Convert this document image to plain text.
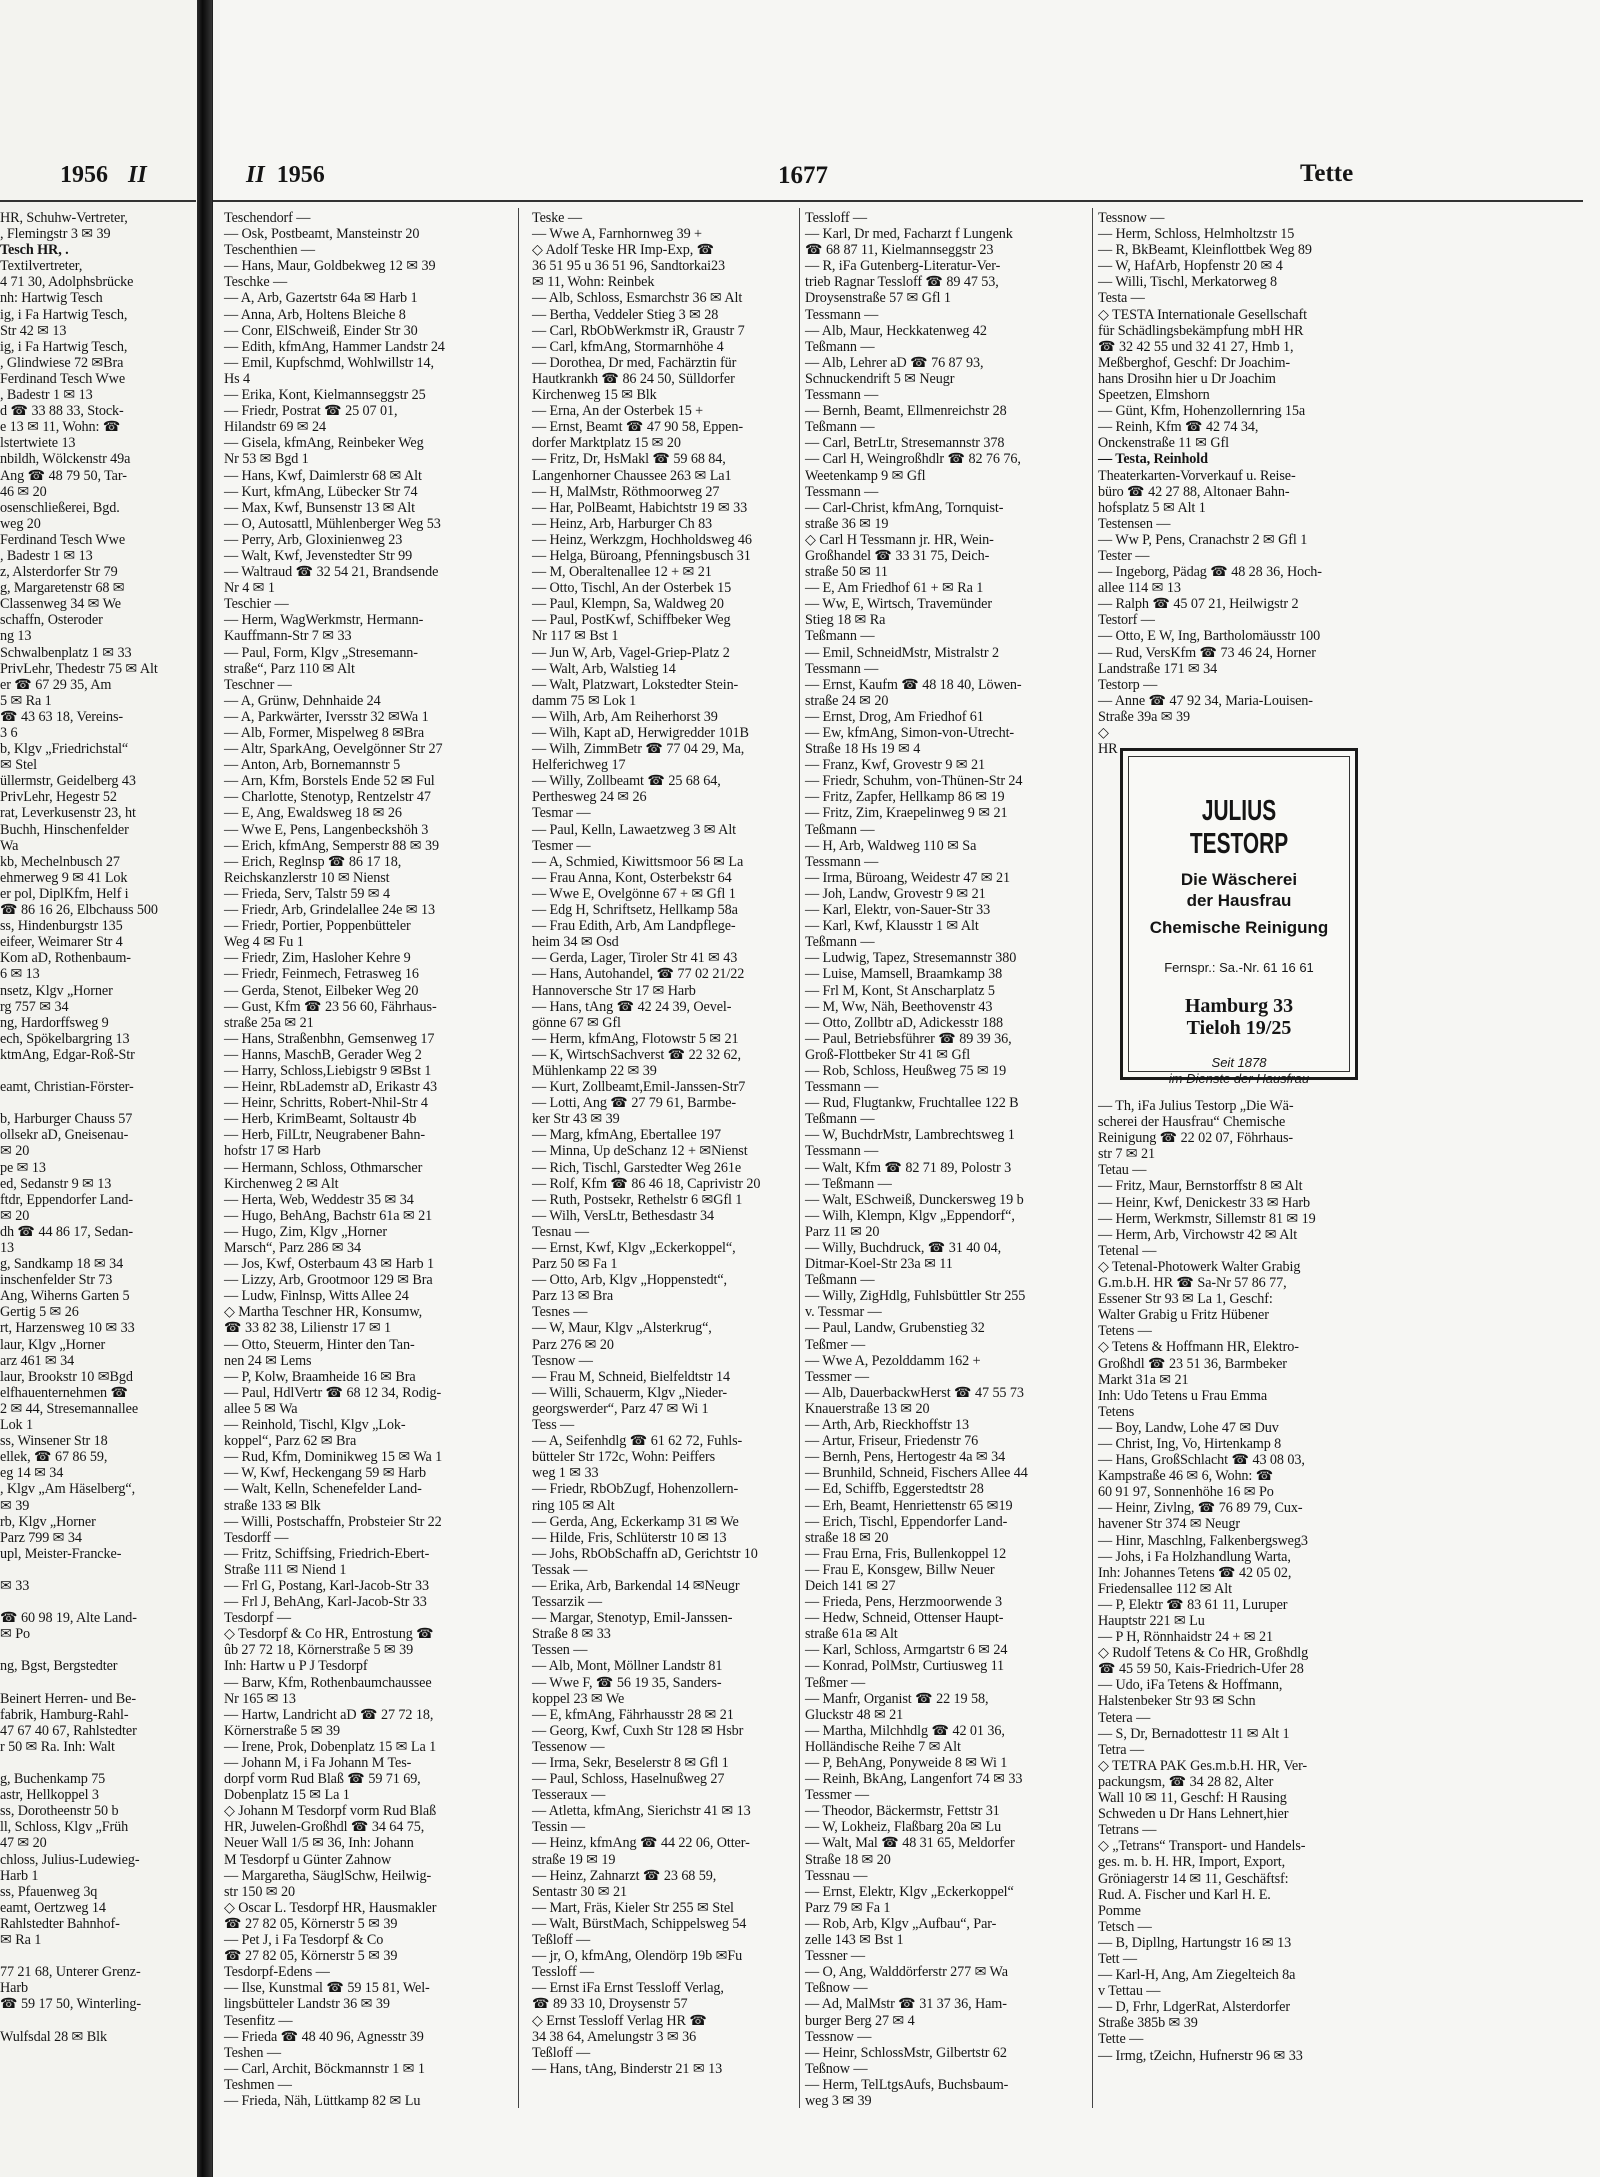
1956 II
HR, Schuhw-Vertreter,
, Flemingstr 3 ✉ 39
Tesch HR, .
Textilvertreter,
4 71 30, Adolphsbrücke
nh: Hartwig Tesch
ig, i Fa Hartwig Tesch,
Str 42 ✉ 13
ig, i Fa Hartwig Tesch,
, Glindwiese 72 ✉Bra
Ferdinand Tesch Wwe
, Badestr 1 ✉ 13
d ☎ 33 88 33, Stock-
e 13 ✉ 11, Wohn: ☎
lstertwiete 13
nbildh, Wölckenstr 49a
Ang ☎ 48 79 50, Tar-
46 ✉ 20
osenschließerei, Bgd.
weg 20
Ferdinand Tesch Wwe
, Badestr 1 ✉ 13
z, Alsterdorfer Str 79
g, Margaretenstr 68 ✉
Classenweg 34 ✉ We
schaffn, Osteroder
ng 13
Schwalbenplatz 1 ✉ 33
PrivLehr, Thedestr 75 ✉ Alt
er ☎ 67 29 35, Am
5 ✉ Ra 1
☎ 43 63 18, Vereins-
3 6
b, Klgv „Friedrichstal“
✉ Stel
üllermstr, Geidelberg 43
PrivLehr, Hegestr 52
rat, Leverkusenstr 23, ht
Buchh, Hinschenfelder
Wa
kb, Mechelnbusch 27
ehmerweg 9 ✉ 41 Lok
er pol, DiplKfm, Helf i
☎ 86 16 26, Elbchauss 500
ss, Hindenburgstr 135
eifeer, Weimarer Str 4
Kom aD, Rothenbaum-
6 ✉ 13
nsetz, Klgv „Horner
rg 757 ✉ 34
ng, Hardorffsweg 9
ech, Spökelbargring 13
ktmAng, Edgar-Roß-Str

eamt, Christian-Förster-

b, Harburger Chauss 57
ollsekr aD, Gneisenau-
✉ 20
pe ✉ 13
ed, Sedanstr 9 ✉ 13
ftdr, Eppendorfer Land-
✉ 20
dh ☎ 44 86 17, Sedan-
13
g, Sandkamp 18 ✉ 34
inschenfelder Str 73
Ang, Wiherns Garten 5
Gertig 5 ✉ 26
rt, Harzensweg 10 ✉ 33
laur, Klgv „Horner
arz 461 ✉ 34
laur, Brookstr 10 ✉Bgd
elfhauenternehmen ☎
2 ✉ 44, Stresemannallee
Lok 1
ss, Winsener Str 18
ellek, ☎ 67 86 59,
eg 14 ✉ 34
, Klgv „Am Häselberg“,
✉ 39
rb, Klgv „Horner
Parz 799 ✉ 34
upl, Meister-Francke-

✉ 33

☎ 60 98 19, Alte Land-
✉ Po

ng, Bgst, Bergstedter

Beinert Herren- und Be-
fabrik, Hamburg-Rahl-
47 67 40 67, Rahlstedter
r 50 ✉ Ra. Inh: Walt

g, Buchenkamp 75
astr, Hellkoppel 3
ss, Dorotheenstr 50 b
ll, Schloss, Klgv „Früh
47 ✉ 20
chloss, Julius-Ludewieg-
Harb 1
ss, Pfauenweg 3q
eamt, Oertzweg 14
Rahlstedter Bahnhof-
✉ Ra 1

77 21 68, Unterer Grenz-
Harb
☎ 59 17 50, Winterling-

Wulfsdal 28 ✉ Blk
II 1956	1677	Tette
Teschendorf —
— Osk, Postbeamt, Mansteinstr 20
Teschenthien —
— Hans, Maur, Goldbekweg 12 ✉ 39
Teschke —
— A, Arb, Gazertstr 64a ✉ Harb 1
— Anna, Arb, Holtens Bleiche 8
— Conr, ElSchweiß, Einder Str 30
— Edith, kfmAng, Hammer Landstr 24
— Emil, Kupfschmd, Wohlwillstr 14,
Hs 4
— Erika, Kont, Kielmannseggstr 25
— Friedr, Postrat ☎ 25 07 01,
Hilandstr 69 ✉ 24
— Gisela, kfmAng, Reinbeker Weg
Nr 53 ✉ Bgd 1
— Hans, Kwf, Daimlerstr 68 ✉ Alt
— Kurt, kfmAng, Lübecker Str 74
— Max, Kwf, Bunsenstr 13 ✉ Alt
— O, Autosattl, Mühlenberger Weg 53
— Perry, Arb, Gloxinienweg 23
— Walt, Kwf, Jevenstedter Str 99
— Waltraud ☎ 32 54 21, Brandsende
Nr 4 ✉ 1
Teschier —
— Herm, WagWerkmstr, Hermann-
Kauffmann-Str 7 ✉ 33
— Paul, Form, Klgv „Stresemann-
straße“, Parz 110 ✉ Alt
Teschner —
— A, Grünw, Dehnhaide 24
— A, Parkwärter, Iversstr 32 ✉Wa 1
— Alb, Former, Mispelweg 8 ✉Bra
— Altr, SparkAng, Oevelgönner Str 27
— Anton, Arb, Bornemannstr 5
— Arn, Kfm, Borstels Ende 52 ✉ Ful
— Charlotte, Stenotyp, Rentzelstr 47
— E, Ang, Ewaldsweg 18 ✉ 26
— Wwe E, Pens, Langenbeckshöh 3
— Erich, kfmAng, Semperstr 88 ✉ 39
— Erich, Reglnsp ☎ 86 17 18,
Reichskanzlerstr 10 ✉ Nienst
— Frieda, Serv, Talstr 59 ✉ 4
— Friedr, Arb, Grindelallee 24e ✉ 13
— Friedr, Portier, Poppenbütteler
Weg 4 ✉ Fu 1
— Friedr, Zim, Hasloher Kehre 9
— Friedr, Feinmech, Fetrasweg 16
— Gerda, Stenot, Eilbeker Weg 20
— Gust, Kfm ☎ 23 56 60, Fährhaus-
straße 25a ✉ 21
— Hans, Straßenbhn, Gemsenweg 17
— Hanns, MaschB, Gerader Weg 2
— Harry, Schloss,Liebigstr 9 ✉Bst 1
— Heinr, RbLademstr aD, Erikastr 43
— Heinr, Schritts, Robert-Nhil-Str 4
— Herb, KrimBeamt, Soltaustr 4b
— Herb, FilLtr, Neugrabener Bahn-
hofstr 17 ✉ Harb
— Hermann, Schloss, Othmarscher
Kirchenweg 2 ✉ Alt
— Herta, Web, Weddestr 35 ✉ 34
— Hugo, BehAng, Bachstr 61a ✉ 21
— Hugo, Zim, Klgv „Horner
Marsch“, Parz 286 ✉ 34
— Jos, Kwf, Osterbaum 43 ✉ Harb 1
— Lizzy, Arb, Grootmoor 129 ✉ Bra
— Ludw, Finlnsp, Witts Allee 24
◇ Martha Teschner HR, Konsumw,
☎ 33 82 38, Lilienstr 17 ✉ 1
— Otto, Steuerm, Hinter den Tan-
nen 24 ✉ Lems
— P, Kolw, Braamheide 16 ✉ Bra
— Paul, HdlVertr ☎ 68 12 34, Rodig-
allee 5 ✉ Wa
— Reinhold, Tischl, Klgv „Lok-
koppel“, Parz 62 ✉ Bra
— Rud, Kfm, Dominikweg 15 ✉ Wa 1
— W, Kwf, Heckengang 59 ✉ Harb
— Walt, Kelln, Schenefelder Land-
straße 133 ✉ Blk
— Willi, Postschaffn, Probsteier Str 22
Tesdorff —
— Fritz, Schiffsing, Friedrich-Ebert-
Straße 111 ✉ Niend 1
— Frl G, Postang, Karl-Jacob-Str 33
— Frl J, BehAng, Karl-Jacob-Str 33
Tesdorpf —
◇ Tesdorpf & Co HR, Entrostung ☎
ûb 27 72 18, Körnerstraße 5 ✉ 39
Inh: Hartw u P J Tesdorpf
— Barw, Kfm, Rothenbaumchaussee
Nr 165 ✉ 13
— Hartw, Landricht aD ☎ 27 72 18,
Körnerstraße 5 ✉ 39
— Irene, Prok, Dobenplatz 15 ✉ La 1
— Johann M, i Fa Johann M Tes-
dorpf vorm Rud Blaß ☎ 59 71 69,
Dobenplatz 15 ✉ La 1
◇ Johann M Tesdorpf vorm Rud Blaß
HR, Juwelen-Großhdl ☎ 34 64 75,
Neuer Wall 1/5 ✉ 36, Inh: Johann
M Tesdorpf u Günter Zahnow
— Margaretha, SäuglSchw, Heilwig-
str 150 ✉ 20
◇ Oscar L. Tesdorpf HR, Hausmakler
☎ 27 82 05, Körnerstr 5 ✉ 39
— Pet J, i Fa Tesdorpf & Co
☎ 27 82 05, Körnerstr 5 ✉ 39
Tesdorpf-Edens —
— Ilse, Kunstmal ☎ 59 15 81, Wel-
lingsbütteler Landstr 36 ✉ 39
Tesenfitz —
— Frieda ☎ 48 40 96, Agnesstr 39
Teshen —
— Carl, Archit, Böckmannstr 1 ✉ 1
Teshmen —
— Frieda, Näh, Lüttkamp 82 ✉ Lu
Teske —
— Wwe A, Farnhornweg 39 +
◇ Adolf Teske HR Imp-Exp, ☎
36 51 95 u 36 51 96, Sandtorkai23
✉ 11, Wohn: Reinbek
— Alb, Schloss, Esmarchstr 36 ✉ Alt
— Bertha, Veddeler Stieg 3 ✉ 28
— Carl, RbObWerkmstr iR, Graustr 7
— Carl, kfmAng, Stormarnhöhe 4
— Dorothea, Dr med, Fachärztin für
Hautkrankh ☎ 86 24 50, Sülldorfer
Kirchenweg 15 ✉ Blk
— Erna, An der Osterbek 15 +
— Ernst, Beamt ☎ 47 90 58, Eppen-
dorfer Marktplatz 15 ✉ 20
— Fritz, Dr, HsMakl ☎ 59 68 84,
Langenhorner Chaussee 263 ✉ La1
— H, MalMstr, Röthmoorweg 27
— Har, PolBeamt, Habichtstr 19 ✉ 33
— Heinz, Arb, Harburger Ch 83
— Heinz, Werkzgm, Hochholdsweg 46
— Helga, Büroang, Pfenningsbusch 31
— M, Oberaltenallee 12 + ✉ 21
— Otto, Tischl, An der Osterbek 15
— Paul, Klempn, Sa, Waldweg 20
— Paul, PostKwf, Schiffbeker Weg
Nr 117 ✉ Bst 1
— Jun W, Arb, Vagel-Griep-Platz 2
— Walt, Arb, Walstieg 14
— Walt, Platzwart, Lokstedter Stein-
damm 75 ✉ Lok 1
— Wilh, Arb, Am Reiherhorst 39
— Wilh, Kapt aD, Herwigredder 101B
— Wilh, ZimmBetr ☎ 77 04 29, Ma,
Helferichweg 17
— Willy, Zollbeamt ☎ 25 68 64,
Perthesweg 24 ✉ 26
Tesmar —
— Paul, Kelln, Lawaetzweg 3 ✉ Alt
Tesmer —
— A, Schmied, Kiwittsmoor 56 ✉ La
— Frau Anna, Kont, Osterbekstr 64
— Wwe E, Ovelgönne 67 + ✉ Gfl 1
— Edg H, Schriftsetz, Hellkamp 58a
— Frau Edith, Arb, Am Landpflege-
heim 34 ✉ Osd
— Gerda, Lager, Tiroler Str 41 ✉ 43
— Hans, Autohandel, ☎ 77 02 21/22
Hannoversche Str 17 ✉ Harb
— Hans, tAng ☎ 42 24 39, Oevel-
gönne 67 ✉ Gfl
— Herm, kfmAng, Flotowstr 5 ✉ 21
— K, WirtschSachverst ☎ 22 32 62,
Mühlenkamp 22 ✉ 39
— Kurt, Zollbeamt,Emil-Janssen-Str7
— Lotti, Ang ☎ 27 79 61, Barmbe-
ker Str 43 ✉ 39
— Marg, kfmAng, Ebertallee 197
— Minna, Up deSchanz 12 + ✉Nienst
— Rich, Tischl, Garstedter Weg 261e
— Rolf, Kfm ☎ 86 46 18, Caprivistr 20
— Ruth, Postsekr, Rethelstr 6 ✉Gfl 1
— Wilh, VersLtr, Bethesdastr 34
Tesnau —
— Ernst, Kwf, Klgv „Eckerkoppel“,
Parz 50 ✉ Fa 1
— Otto, Arb, Klgv „Hoppenstedt“,
Parz 13 ✉ Bra
Tesnes —
— W, Maur, Klgv „Alsterkrug“,
Parz 276 ✉ 20
Tesnow —
— Frau M, Schneid, Bielfeldtstr 14
— Willi, Schauerm, Klgv „Nieder-
georgswerder“, Parz 47 ✉ Wi 1
Tess —
— A, Seifenhdlg ☎ 61 62 72, Fuhls-
bütteler Str 172c, Wohn: Peiffers
weg 1 ✉ 33
— Friedr, RbObZugf, Hohenzollern-
ring 105 ✉ Alt
— Gerda, Ang, Eckerkamp 31 ✉ We
— Hilde, Fris, Schlüterstr 10 ✉ 13
— Johs, RbObSchaffn aD, Gerichtstr 10
Tessak —
— Erika, Arb, Barkendal 14 ✉Neugr
Tessarzik —
— Margar, Stenotyp, Emil-Janssen-
Straße 8 ✉ 33
Tessen —
— Alb, Mont, Möllner Landstr 81
— Wwe F, ☎ 56 19 35, Sanders-
koppel 23 ✉ We
— E, kfmAng, Fährhausstr 28 ✉ 21
— Georg, Kwf, Cuxh Str 128 ✉ Hsbr
Tessenow —
— Irma, Sekr, Beselerstr 8 ✉ Gfl 1
— Paul, Schloss, Haselnußweg 27
Tesseraux —
— Atletta, kfmAng, Sierichstr 41 ✉ 13
Tessin —
— Heinz, kfmAng ☎ 44 22 06, Otter-
straße 19 ✉ 19
— Heinz, Zahnarzt ☎ 23 68 59,
Sentastr 30 ✉ 21
— Mart, Fräs, Kieler Str 255 ✉ Stel
— Walt, BürstMach, Schippelsweg 54
Teßloff —
— jr, O, kfmAng, Olendörp 19b ✉Fu
Tessloff —
— Ernst iFa Ernst Tessloff Verlag,
☎ 89 33 10, Droysenstr 57
◇ Ernst Tessloff Verlag HR ☎
34 38 64, Amelungstr 3 ✉ 36
Teßloff —
— Hans, tAng, Binderstr 21 ✉ 13
Tessloff —
— Karl, Dr med, Facharzt f Lungenk
☎ 68 87 11, Kielmannseggstr 23
— R, iFa Gutenberg-Literatur-Ver-
trieb Ragnar Tessloff ☎ 89 47 53,
Droysenstraße 57 ✉ Gfl 1
Tessmann —
— Alb, Maur, Heckkatenweg 42
Teßmann —
— Alb, Lehrer aD ☎ 76 87 93,
Schnuckendrift 5 ✉ Neugr
Tessmann —
— Bernh, Beamt, Ellmenreichstr 28
Teßmann —
— Carl, BetrLtr, Stresemannstr 378
— Carl H, Weingroßhdlr ☎ 82 76 76,
Weetenkamp 9 ✉ Gfl
Tessmann —
— Carl-Christ, kfmAng, Tornquist-
straße 36 ✉ 19
◇ Carl H Tessmann jr. HR, Wein-
Großhandel ☎ 33 31 75, Deich-
straße 50 ✉ 11
— E, Am Friedhof 61 + ✉ Ra 1
— Ww, E, Wirtsch, Travemünder
Stieg 18 ✉ Ra
Teßmann —
— Emil, SchneidMstr, Mistralstr 2
Tessmann —
— Ernst, Kaufm ☎ 48 18 40, Löwen-
straße 24 ✉ 20
— Ernst, Drog, Am Friedhof 61
— Ew, kfmAng, Simon-von-Utrecht-
Straße 18 Hs 19 ✉ 4
— Franz, Kwf, Grovestr 9 ✉ 21
— Friedr, Schuhm, von-Thünen-Str 24
— Fritz, Zapfer, Hellkamp 86 ✉ 19
— Fritz, Zim, Kraepelinweg 9 ✉ 21
Teßmann —
— H, Arb, Waldweg 110 ✉ Sa
Tessmann —
— Irma, Büroang, Weidestr 47 ✉ 21
— Joh, Landw, Grovestr 9 ✉ 21
— Karl, Elektr, von-Sauer-Str 33
— Karl, Kwf, Klausstr 1 ✉ Alt
Teßmann —
— Ludwig, Tapez, Stresemannstr 380
— Luise, Mamsell, Braamkamp 38
— Frl M, Kont, St Anscharplatz 5
— M, Ww, Näh, Beethovenstr 43
— Otto, Zollbtr aD, Adickesstr 188
— Paul, Betriebsführer ☎ 89 39 36,
Groß-Flottbeker Str 41 ✉ Gfl
— Rob, Schloss, Heußweg 75 ✉ 19
Tessmann —
— Rud, Flugtankw, Fruchtallee 122 B
Teßmann —
— W, BuchdrMstr, Lambrechtsweg 1
Tessmann —
— Walt, Kfm ☎ 82 71 89, Polostr 3
— Teßmann —
— Walt, ESchweiß, Dunckersweg 19 b
— Wilh, Klempn, Klgv „Eppendorf“,
Parz 11 ✉ 20
— Willy, Buchdruck, ☎ 31 40 04,
Ditmar-Koel-Str 23a ✉ 11
Teßmann —
— Willy, ZigHdlg, Fuhlsbüttler Str 255
v. Tessmar —
— Paul, Landw, Grubenstieg 32
Teßmer —
— Wwe A, Pezolddamm 162 +
Tessmer —
— Alb, DauerbackwHerst ☎ 47 55 73
Knauerstraße 13 ✉ 20
— Arth, Arb, Rieckhoffstr 13
— Artur, Friseur, Friedenstr 76
— Bernh, Pens, Hertogestr 4a ✉ 34
— Brunhild, Schneid, Fischers Allee 44
— Ed, Schiffb, Eggerstedtstr 28
— Erh, Beamt, Henriettenstr 65 ✉19
— Erich, Tischl, Eppendorfer Land-
straße 18 ✉ 20
— Frau Erna, Fris, Bullenkoppel 12
— Frau E, Konsgew, Billw Neuer
Deich 141 ✉ 27
— Frieda, Pens, Herzmoorwende 3
— Hedw, Schneid, Ottenser Haupt-
straße 61a ✉ Alt
— Karl, Schloss, Armgartstr 6 ✉ 24
— Konrad, PolMstr, Curtiusweg 11
Teßmer —
— Manfr, Organist ☎ 22 19 58,
Gluckstr 48 ✉ 21
— Martha, Milchhdlg ☎ 42 01 36,
Holländische Reihe 7 ✉ Alt
— P, BehAng, Ponyweide 8 ✉ Wi 1
— Reinh, BkAng, Langenfort 74 ✉ 33
Tessmer —
— Theodor, Bäckermstr, Fettstr 31
— W, Lokheiz, Flaßbarg 20a ✉ Lu
— Walt, Mal ☎ 48 31 65, Meldorfer
Straße 18 ✉ 20
Tessnau —
— Ernst, Elektr, Klgv „Eckerkoppel“
Parz 79 ✉ Fa 1
— Rob, Arb, Klgv „Aufbau“, Par-
zelle 143 ✉ Bst 1
Tessner —
— O, Ang, Walddörferstr 277 ✉ Wa
Teßnow —
— Ad, MalMstr ☎ 31 37 36, Ham-
burger Berg 27 ✉ 4
Tessnow —
— Heinr, SchlossMstr, Gilbertstr 62
Teßnow —
— Herm, TelLtgsAufs, Buchsbaum-
weg 3 ✉ 39
Tessnow —
— Herm, Schloss, Helmholtzstr 15
— R, BkBeamt, Kleinflottbek Weg 89
— W, HafArb, Hopfenstr 20 ✉ 4
— Willi, Tischl, Merkatorweg 8
Testa —
◇ TESTA Internationale Gesellschaft
für Schädlingsbekämpfung mbH HR
☎ 32 42 55 und 32 41 27, Hmb 1,
Meßberghof, Geschf: Dr Joachim-
hans Drosihn hier u Dr Joachim
Speetzen, Elmshorn
— Günt, Kfm, Hohenzollernring 15a
— Reinh, Kfm ☎ 42 74 34,
Onckenstraße 11 ✉ Gfl
— Testa, Reinhold
Theaterkarten-Vorverkauf u. Reise-
büro ☎ 42 27 88, Altonaer Bahn-
hofsplatz 5 ✉ Alt 1
Testensen —
— Ww P, Pens, Cranachstr 2 ✉ Gfl 1
Tester —
— Ingeborg, Pädag ☎ 48 28 36, Hoch-
allee 114 ✉ 13
— Ralph ☎ 45 07 21, Heilwigstr 2
Testorf —
— Otto, E W, Ing, Bartholomäusstr 100
— Rud, VersKfm ☎ 73 46 24, Horner
Landstraße 171 ✉ 34
Testorp —
— Anne ☎ 47 92 34, Maria-Louisen-
Straße 39a ✉ 39
◇
HR
— Th, iFa Julius Testorp „Die Wä-
scherei der Hausfrau“ Chemische
Reinigung ☎ 22 02 07, Föhrhaus-
str 7 ✉ 21
Tetau —
— Fritz, Maur, Bernstorffstr 8 ✉ Alt
— Heinr, Kwf, Denickestr 33 ✉ Harb
— Herm, Werkmstr, Sillemstr 81 ✉ 19
— Herm, Arb, Virchowstr 42 ✉ Alt
Tetenal —
◇ Tetenal-Photowerk Walter Grabig
G.m.b.H. HR ☎ Sa-Nr 57 86 77,
Essener Str 93 ✉ La 1, Geschf:
Walter Grabig u Fritz Hübener
Tetens —
◇ Tetens & Hoffmann HR, Elektro-
Großhdl ☎ 23 51 36, Barmbeker
Markt 31a ✉ 21
Inh: Udo Tetens u Frau Emma
Tetens
— Boy, Landw, Lohe 47 ✉ Duv
— Christ, Ing, Vo, Hirtenkamp 8
— Hans, GroßSchlacht ☎ 43 08 03,
Kampstraße 46 ✉ 6, Wohn: ☎
60 91 97, Sonnenhöhe 16 ✉ Po
— Heinr, Zivlng, ☎ 76 89 79, Cux-
havener Str 374 ✉ Neugr
— Hinr, Maschlng, Falkenbergsweg3
— Johs, i Fa Holzhandlung Warta,
Inh: Johannes Tetens ☎ 42 05 02,
Friedensallee 112 ✉ Alt
— P, Elektr ☎ 83 61 11, Luruper
Hauptstr 221 ✉ Lu
— P H, Rönnhaidstr 24 + ✉ 21
◇ Rudolf Tetens & Co HR, Großhdlg
☎ 45 59 50, Kais-Friedrich-Ufer 28
— Udo, iFa Tetens & Hoffmann,
Halstenbeker Str 93 ✉ Schn
Tetera —
— S, Dr, Bernadottestr 11 ✉ Alt 1
Tetra —
◇ TETRA PAK Ges.m.b.H. HR, Ver-
packungsm, ☎ 34 28 82, Alter
Wall 10 ✉ 11, Geschf: H Rausing
Schweden u Dr Hans Lehnert,hier
Tetrans —
◇ „Tetrans“ Transport- und Handels-
ges. m. b. H. HR, Import, Export,
Gröniagerstr 14 ✉ 11, Geschäftsf:
Rud. A. Fischer und Karl H. E.
Pomme
Tetsch —
— B, Dipllng, Hartungstr 16 ✉ 13
Tett —
— Karl-H, Ang, Am Ziegelteich 8a
v Tettau —
— D, Frhr, LdgerRat, Alsterdorfer
Straße 385b ✉ 39
Tette —
— Irmg, tZeichn, Hufnerstr 96 ✉ 33
JULIUS TESTORP
Die Wäscherei
der Hausfrau
Chemische Reinigung
Fernspr.: Sa.-Nr. 61 16 61
Hamburg 33
Tieloh 19/25
Seit 1878
im Dienste der Hausfrau
